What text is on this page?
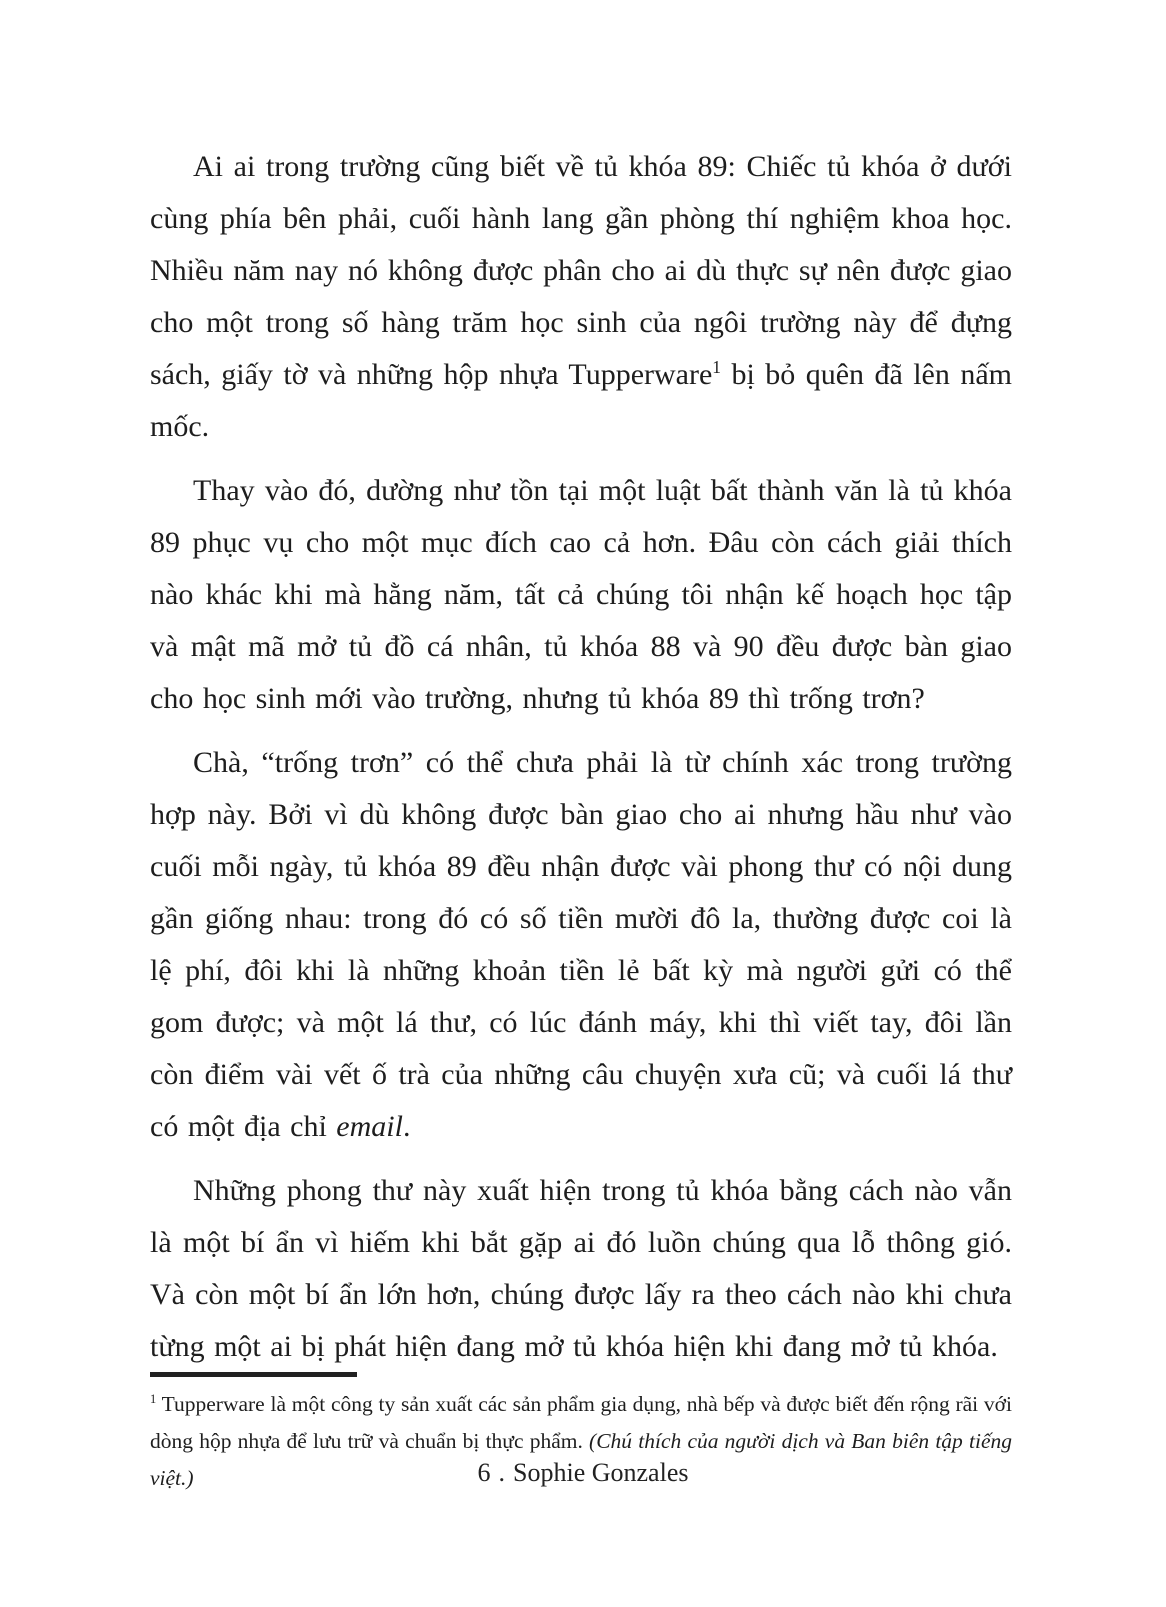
Ai ai trong trường cũng biết về tủ khóa 89: Chiếc tủ khóa ở dưới cùng phía bên phải, cuối hành lang gần phòng thí nghiệm khoa học. Nhiều năm nay nó không được phân cho ai dù thực sự nên được giao cho một trong số hàng trăm học sinh của ngôi trường này để đựng sách, giấy tờ và những hộp nhựa Tupperware$^1$ bị bỏ quên đã lên nấm mốc.

Thay vào đó, dường như tồn tại một luật bất thành văn là tủ khóa 89 phục vụ cho một mục đích cao cả hơn. Đâu còn cách giải thích nào khác khi mà hằng năm, tất cả chúng tôi nhận kế hoạch học tập và mật mã mở tủ đồ cá nhân, tủ khóa 88 và 90 đều được bàn giao cho học sinh mới vào trường, nhưng tủ khóa 89 thì trống trơn?

Chà, “trống trơn” có thể chưa phải là từ chính xác trong trường hợp này. Bởi vì dù không được bàn giao cho ai nhưng hầu như vào cuối mỗi ngày, tủ khóa 89 đều nhận được vài phong thư có nội dung gần giống nhau: trong đó có số tiền mười đô la, thường được coi là lệ phí, đôi khi là những khoản tiền lẻ bất kỳ mà người gửi có thể gom được; và một lá thư, có lúc đánh máy, khi thì viết tay, đôi lần còn điểm vài vết ố trà của những câu chuyện xưa cũ; và cuối lá thư có một địa chỉ email.

Những phong thư này xuất hiện trong tủ khóa bằng cách nào vẫn là một bí ẩn vì hiếm khi bắt gặp ai đó luồn chúng qua lỗ thông gió. Và còn một bí ẩn lớn hơn, chúng được lấy ra theo cách nào khi chưa từng một ai bị phát hiện đang mở tủ khóa hiện khi đang mở tủ khóa.

$^1$ Tupperware là một công ty sản xuất các sản phẩm gia dụng, nhà bếp và được biết đến rộng rãi với dòng hộp nhựa để lưu trữ và chuẩn bị thực phẩm. (Chú thích của người dịch và Ban biên tập tiếng việt.)	6 . Sophie Gonzales
